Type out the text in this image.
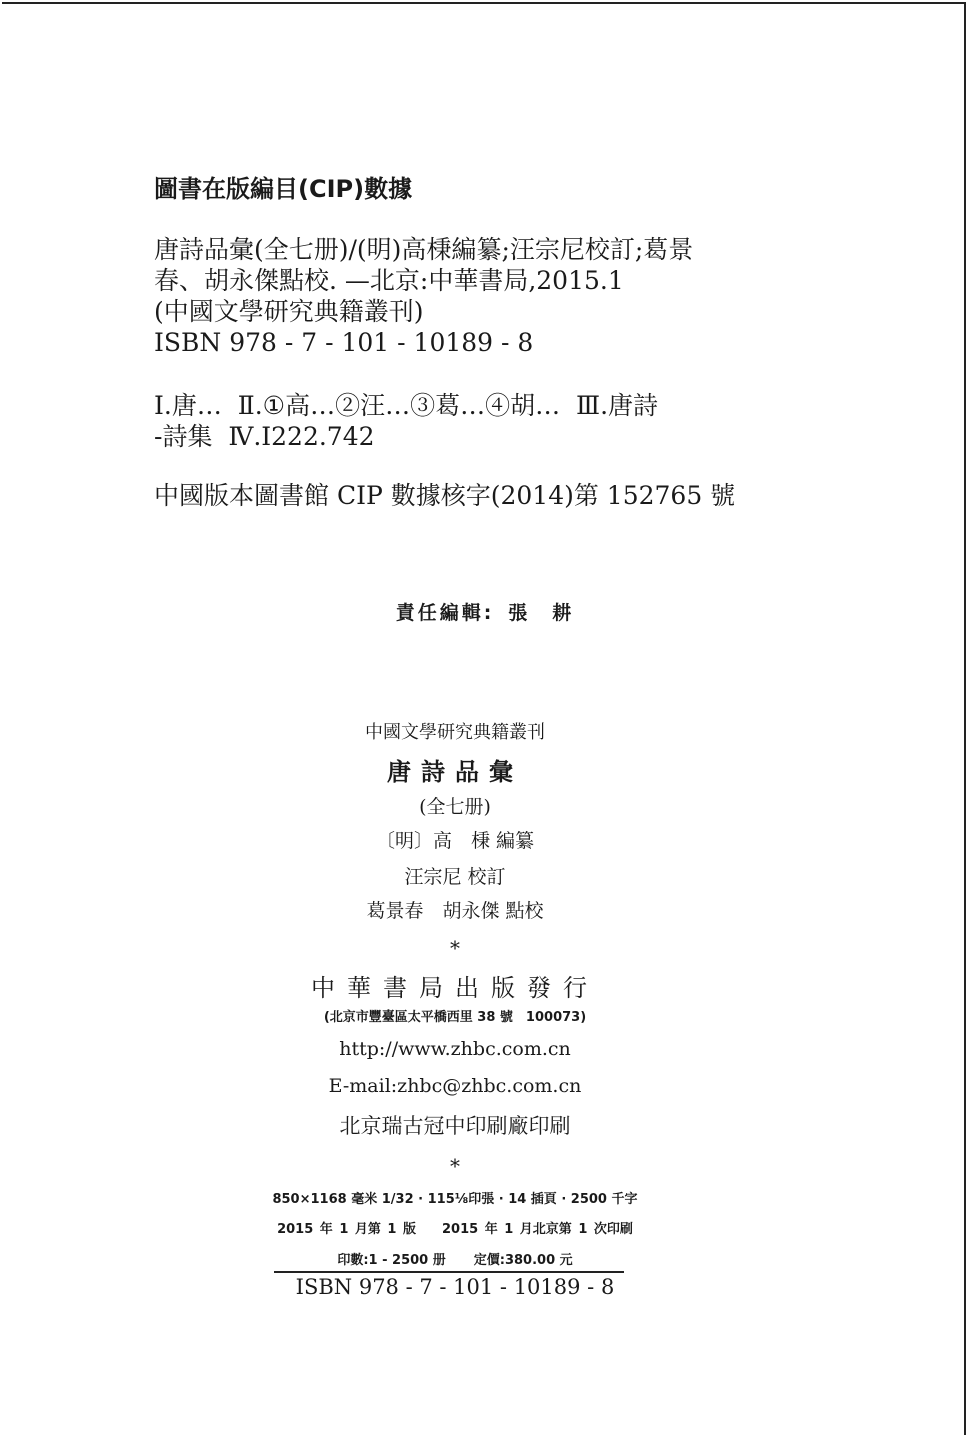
圖書在版編目(CIP)數據
唐詩品彙(全七册)/(明)高棅編纂;汪宗尼校訂;葛景
春、胡永傑點校. —北京:中華書局,2015.1
(中國文學研究典籍叢刊)
ISBN 978 - 7 - 101 - 10189 - 8
Ⅰ.唐…  Ⅱ.①高…②汪…③葛…④胡…  Ⅲ.唐詩
-詩集  Ⅳ.I222.742
中國版本圖書館 CIP 數據核字(2014)第 152765 號
責任編輯: 張　耕
中國文學研究典籍叢刊
唐詩品彙
(全七册)
〔明〕高　棅 編纂
汪宗尼 校訂
葛景春　胡永傑 點校
*
中華書局出版發行
(北京市豐臺區太平橋西里 38 號　100073)
http://www.zhbc.com.cn
E-mail:zhbc@zhbc.com.cn
北京瑞古冠中印刷廠印刷
*
850×1168 毫米 1/32 · 115⅛印張 · 14 插頁 · 2500 千字
2015 年 1 月第 1 版 2015 年 1 月北京第 1 次印刷
印數:1 - 2500 册 定價:380.00 元
ISBN 978 - 7 - 101 - 10189 - 8
